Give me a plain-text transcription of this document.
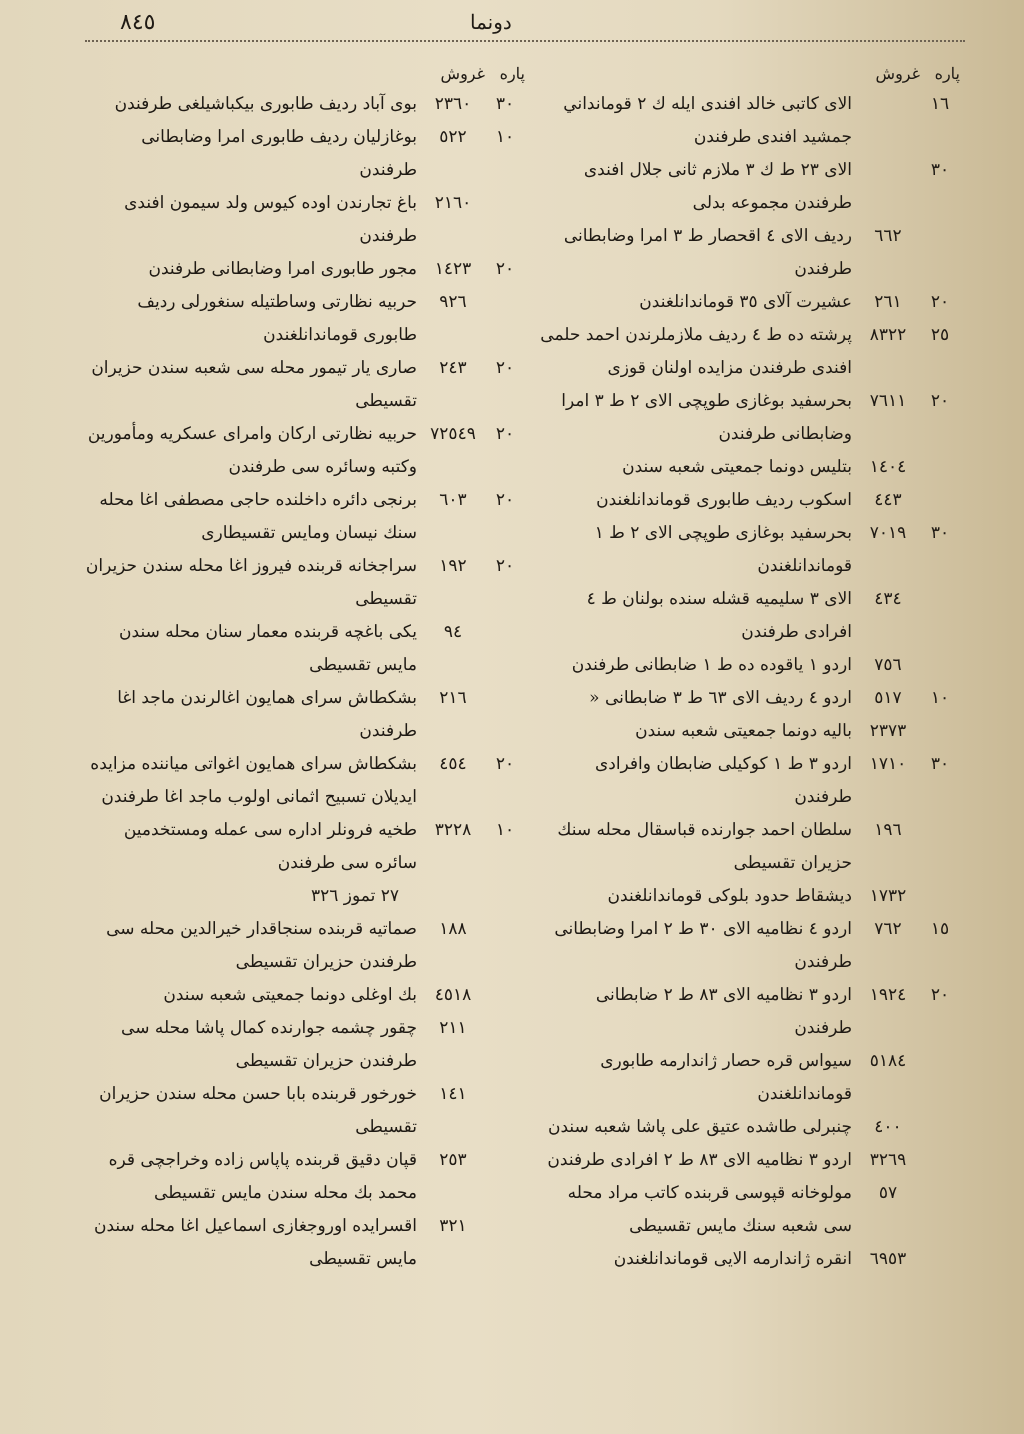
٨٤٥	دونما
پاره
غروش
١٦
الای كاتبی خالد افندی ایله ك ٢ قومانداني جمشيد افندی طرفندن
٣٠
الای ٢٣ ط ك ٣ ملازم ثانی جلال افندی طرفندن مجموعه بدلی
٦٦٢
رديف الای ٤ اقحصار ط ٣ امرا وضابطانی طرفندن
٢٠
٢٦١
عشيرت آلای ٣٥ قوماندانلغندن
٢٥
٨٣٢٢
پرشته ده ط ٤ رديف ملازملرندن احمد حلمی افندی طرفندن مزايده اولنان قوزی
٢٠
٧٦١١
بحرسفيد بوغازی طوپچی الای ٢ ط ٣ امرا وضابطانی طرفندن
١٤٠٤
بتليس دونما جمعيتی شعبه سندن
٤٤٣
اسكوب رديف طابوری قوماندانلغندن
٣٠
٧٠١٩
بحرسفيد بوغازی طوپچی الای ٢ ط ١ قوماندانلغندن
٤٣٤
الای ٣ سليميه قشله سنده بولنان ط ٤ افرادی طرفندن
٧٥٦
اردو ١ ياقوده ده ط ١ ضابطانی طرفندن
١٠
٥١٧
اردو ٤ رديف الای ٦٣ ط ٣ ضابطانی «
٢٣٧٣
باليه دونما جمعيتی شعبه سندن
٣٠
١٧١٠
اردو ٣ ط ١ كوكيلی ضابطان وافرادی طرفندن
١٩٦
سلطان احمد جوارنده قباسقال محله سنك حزيران تقسيطی
١٧٣٢
ديشقاط حدود بلوكی قوماندانلغندن
١٥
٧٦٢
اردو ٤ نظاميه الای ٣٠ ط ٢ امرا وضابطانی طرفندن
٢٠
١٩٢٤
اردو ٣ نظاميه الای ٨٣ ط ٢ ضابطانی طرفندن
٥١٨٤
سيواس قره حصار ژاندارمه طابوری قوماندانلغندن
٤٠٠
چنبرلی طاشده عتيق علی پاشا شعبه سندن
٣٢٦٩
اردو ٣ نظاميه الای ٨٣ ط ٢ افرادی طرفندن
٥٧
مولوخانه قپوسی قربنده كاتب مراد محله سی شعبه سنك مايس تقسيطی
٦٩٥٣
انقره ژاندارمه الايی قوماندانلغندن
پاره
غروش
٣٠
٢٣٦٠
بوی آباد رديف طابوری بيكباشيلغی طرفندن
١٠
٥٢٢
بوغازليان رديف طابوری امرا وضابطانی طرفندن
٢١٦٠
باغ تجارندن اوده كيوس ولد سيمون افندی طرفندن
٢٠
١٤٢٣
مجور طابوری امرا وضابطانی طرفندن
٩٢٦
حربيه نظارتی وساطتيله سنغورلی رديف طابوری قوماندانلغندن
٢٠
٢٤٣
صاری يار تيمور محله سی شعبه سندن حزيران تقسيطی
٢٠
٧٢٥٤٩
حربيه نظارتی اركان وامرای عسكريه ومأمورين وكتبه وسائره سی طرفندن
٢٠
٦٠٣
برنجی دائره داخلنده حاجی مصطفی اغا محله سنك نيسان ومايس تقسيطاری
٢٠
١٩٢
سراجخانه قربنده فيروز اغا محله سندن حزيران تقسيطی
٩٤
يكی باغچه قربنده معمار سنان محله سندن مايس تقسيطی
٢١٦
بشكطاش سرای همايون اغالرندن ماجد اغا طرفندن
٢٠
٤٥٤
بشكطاش سرای همايون اغواتی ميانندە مزايده ايديلان تسبيح اثمانی اولوب ماجد اغا طرفندن
١٠
٣٢٢٨
طخيه فرونلر اداره سی عمله ومستخدمين سائره سی طرفندن
٢٧ تموز ٣٢٦
١٨٨
صماتيه قربنده سنجاقدار خيرالدين محله سی طرفندن حزيران تقسيطی
٤٥١٨
بك اوغلی دونما جمعيتی شعبه سندن
٢١١
چقور چشمه جوارنده كمال پاشا محله سی طرفندن حزيران تقسيطی
١٤١
خورخور قربنده بابا حسن محله سندن حزيران تقسيطی
٢٥٣
قپان دقيق قربنده پاپاس زاده وخراجچی قره محمد بك محله سندن مايس تقسيطی
٣٢١
اقسرايده اوروجغازی اسماعيل اغا محله سندن مايس تقسيطی
